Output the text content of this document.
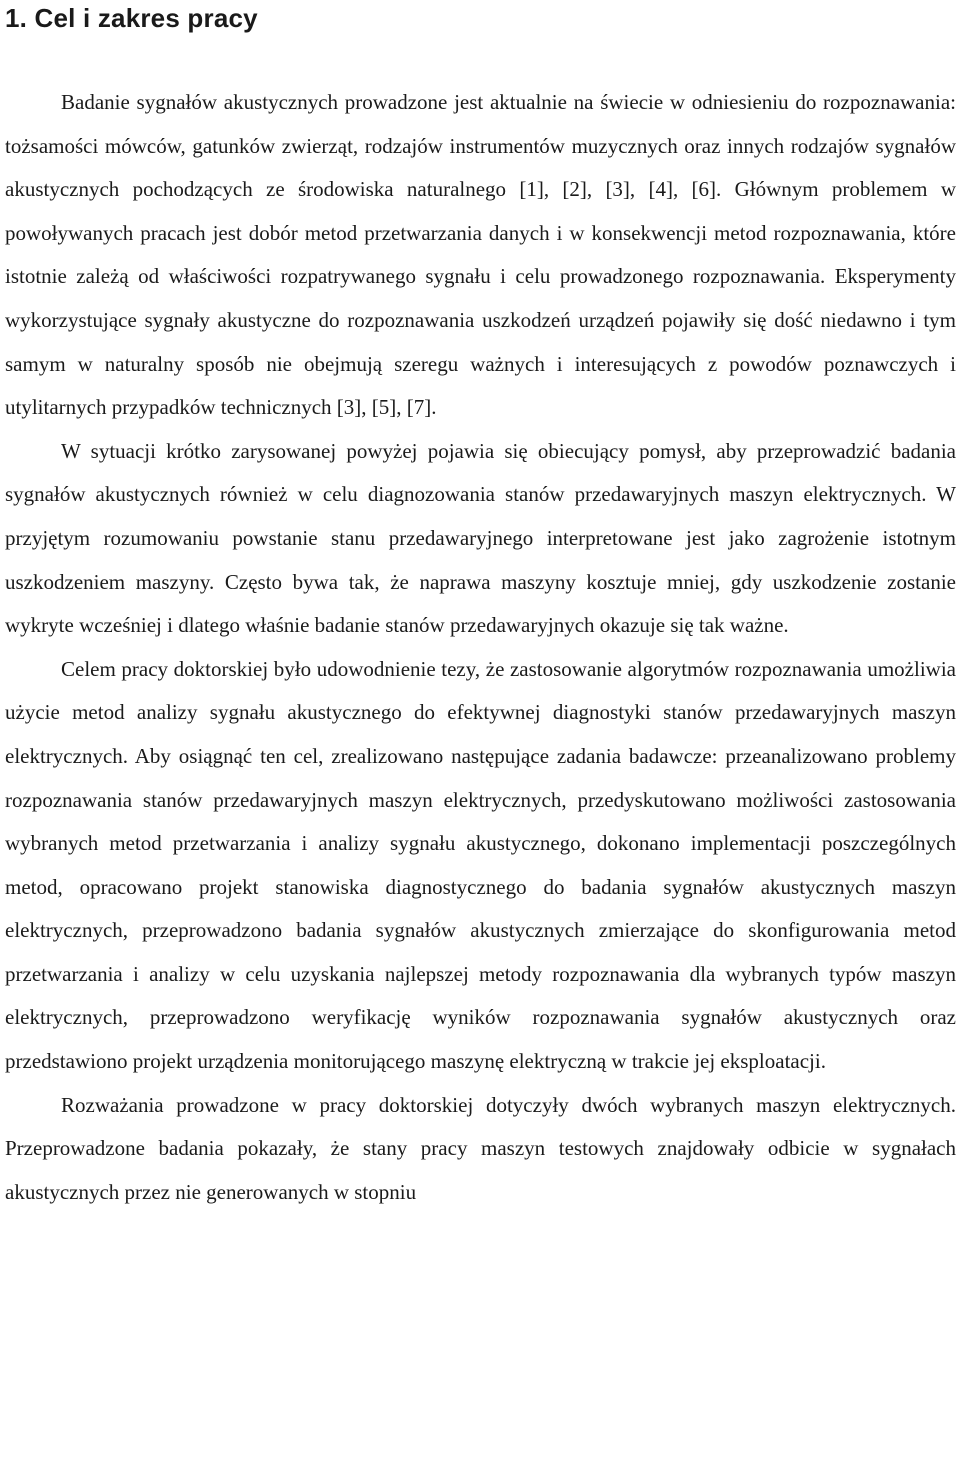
1. Cel i zakres pracy

Badanie sygnałów akustycznych prowadzone jest aktualnie na świecie w odniesieniu do rozpoznawania: tożsamości mówców, gatunków zwierząt, rodzajów instrumentów muzycznych oraz innych rodzajów sygnałów akustycznych pochodzących ze środowiska naturalnego [1], [2], [3], [4], [6]. Głównym problemem w powoływanych pracach jest dobór metod przetwarzania danych i w konsekwencji metod rozpoznawania, które istotnie zależą od właściwości rozpatrywanego sygnału i celu prowadzonego rozpoznawania. Eksperymenty wykorzystujące sygnały akustyczne do rozpoznawania uszkodzeń urządzeń pojawiły się dość niedawno i tym samym w naturalny sposób nie obejmują szeregu ważnych i interesujących z powodów poznawczych i utylitarnych przypadków technicznych [3], [5], [7].

W sytuacji krótko zarysowanej powyżej pojawia się obiecujący pomysł, aby przeprowadzić badania sygnałów akustycznych również w celu diagnozowania stanów przedawaryjnych maszyn elektrycznych. W przyjętym rozumowaniu powstanie stanu przedawaryjnego interpretowane jest jako zagrożenie istotnym uszkodzeniem maszyny. Często bywa tak, że naprawa maszyny kosztuje mniej, gdy uszkodzenie zostanie wykryte wcześniej i dlatego właśnie badanie stanów przedawaryjnych okazuje się tak ważne.

Celem pracy doktorskiej było udowodnienie tezy, że zastosowanie algorytmów rozpoznawania umożliwia użycie metod analizy sygnału akustycznego do efektywnej diagnostyki stanów przedawaryjnych maszyn elektrycznych. Aby osiągnąć ten cel, zrealizowano następujące zadania badawcze: przeanalizowano problemy rozpoznawania stanów przedawaryjnych maszyn elektrycznych, przedyskutowano możliwości zastosowania wybranych metod przetwarzania i analizy sygnału akustycznego, dokonano implementacji poszczególnych metod, opracowano projekt stanowiska diagnostycznego do badania sygnałów akustycznych maszyn elektrycznych, przeprowadzono badania sygnałów akustycznych zmierzające do skonfigurowania metod przetwarzania i analizy w celu uzyskania najlepszej metody rozpoznawania dla wybranych typów maszyn elektrycznych, przeprowadzono weryfikację wyników rozpoznawania sygnałów akustycznych oraz przedstawiono projekt urządzenia monitorującego maszynę elektryczną w trakcie jej eksploatacji.

Rozważania prowadzone w pracy doktorskiej dotyczyły dwóch wybranych maszyn elektrycznych. Przeprowadzone badania pokazały, że stany pracy maszyn testowych znajdowały odbicie w sygnałach akustycznych przez nie generowanych w stopniu
